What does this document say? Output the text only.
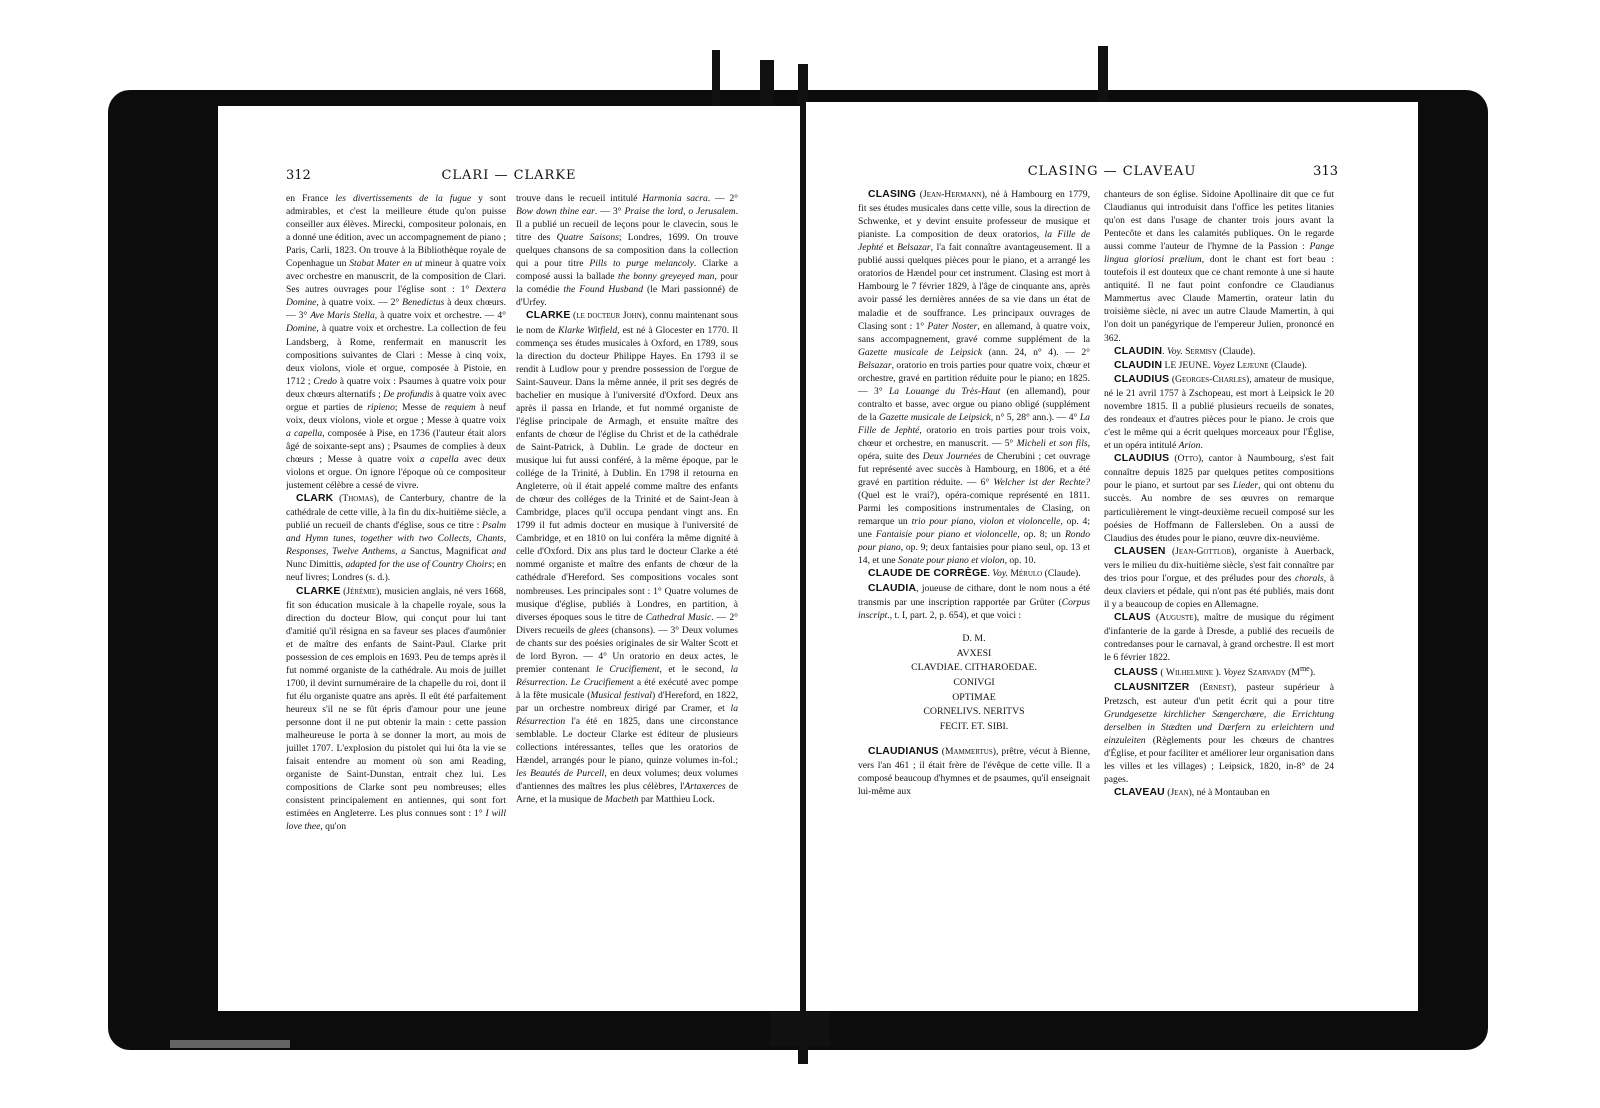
312	CLARI — CLARKE

en France les divertissements de la fugue y sont admirables, et c'est la meilleure étude qu'on puisse conseiller aux élèves. Mirecki, compositeur polonais, en a donné une édition, avec un accompagnement de piano ; Paris, Carli, 1823. On trouve à la Bibliothèque royale de Copenhague un Stabat Mater en ut mineur à quatre voix avec orchestre en manuscrit, de la composition de Clari. Ses autres ouvrages pour l'église sont : 1° Dextera Domine, à quatre voix. — 2° Benedictus à deux chœurs. — 3° Ave Maris Stella, à quatre voix et orchestre. — 4° Domine, à quatre voix et orchestre. La collection de feu Landsberg, à Rome, renfermait en manuscrit les compositions suivantes de Clari : Messe à cinq voix, deux violons, viole et orgue, composée à Pistoie, en 1712 ; Credo à quatre voix : Psaumes à quatre voix pour deux chœurs alternatifs ; De profundis à quatre voix avec orgue et parties de ripieno; Messe de requiem à neuf voix, deux violons, viole et orgue ; Messe à quatre voix a capella, composée à Pise, en 1736 (l'auteur était alors âgé de soixante-sept ans) ; Psaumes de complies à deux chœurs ; Messe à quatre voix a capella avec deux violons et orgue. On ignore l'époque où ce compositeur justement célèbre a cessé de vivre.

CLARK (Thomas), de Canterbury, chantre de la cathédrale de cette ville, à la fin du dix-huitième siècle, a publié un recueil de chants d'église, sous ce titre : Psalm and Hymn tunes, together with two Collects, Chants, Responses, Twelve Anthems, a Sanctus, Magnificat and Nunc Dimittis, adapted for the use of Country Choirs; en neuf livres; Londres (s. d.).

CLARKE (Jérémie), musicien anglais, né vers 1668, fit son éducation musicale à la chapelle royale, sous la direction du docteur Blow, qui conçut pour lui tant d'amitié qu'il résigna en sa faveur ses places d'aumônier et de maître des enfants de Saint-Paul. Clarke prit possession de ces emplois en 1693. Peu de temps après il fut nommé organiste de la cathédrale. Au mois de juillet 1700, il devint surnuméraire de la chapelle du roi, dont il fut élu organiste quatre ans après. Il eût été parfaitement heureux s'il ne se fût épris d'amour pour une jeune personne dont il ne put obtenir la main : cette passion malheureuse le porta à se donner la mort, au mois de juillet 1707. L'explosion du pistolet qui lui ôta la vie se faisait entendre au moment où son ami Reading, organiste de Saint-Dunstan, entrait chez lui. Les compositions de Clarke sont peu nombreuses; elles consistent principalement en antiennes, qui sont fort estimées en Angleterre. Les plus connues sont : 1° I will love thee, qu'on

trouve dans le recueil intitulé Harmonia sacra. — 2° Bow down thine ear. — 3° Praise the lord, o Jerusalem. Il a publié un recueil de leçons pour le clavecin, sous le titre des Quatre Saisons; Londres, 1699. On trouve quelques chansons de sa composition dans la collection qui a pour titre Pills to purge melancoly. Clarke a composé aussi la ballade the bonny greyeyed man, pour la comédie the Found Husband (le Mari passionné) de d'Urfey.

CLARKE (le docteur John), connu maintenant sous le nom de Klarke Witfield, est né à Glocester en 1770. Il commença ses études musicales à Oxford, en 1789, sous la direction du docteur Philippe Hayes. En 1793 il se rendit à Ludlow pour y prendre possession de l'orgue de Saint-Sauveur. Dans la même année, il prit ses degrés de bachelier en musique à l'université d'Oxford. Deux ans après il passa en Irlande, et fut nommé organiste de l'église principale de Armagh, et ensuite maître des enfants de chœur de l'église du Christ et de la cathédrale de Saint-Patrick, à Dublin. Le grade de docteur en musique lui fut aussi conféré, à la même époque, par le collége de la Trinité, à Dublin. En 1798 il retourna en Angleterre, où il était appelé comme maître des enfants de chœur des colléges de la Trinité et de Saint-Jean à Cambridge, places qu'il occupa pendant vingt ans. En 1799 il fut admis docteur en musique à l'université de Cambridge, et en 1810 on lui conféra la même dignité à celle d'Oxford. Dix ans plus tard le docteur Clarke a été nommé organiste et maître des enfants de chœur de la cathédrale d'Hereford. Ses compositions vocales sont nombreuses. Les principales sont : 1° Quatre volumes de musique d'église, publiés à Londres, en partition, à diverses époques sous le titre de Cathedral Music. — 2° Divers recueils de glees (chansons). — 3° Deux volumes de chants sur des poésies originales de sir Walter Scott et de lord Byron. — 4° Un oratorio en deux actes, le premier contenant le Crucifiement, et le second, la Résurrection. Le Crucifiement a été exécuté avec pompe à la fête musicale (Musical festival) d'Hereford, en 1822, par un orchestre nombreux dirigé par Cramer, et la Résurrection l'a été en 1825, dans une circonstance semblable. Le docteur Clarke est éditeur de plusieurs collections intéressantes, telles que les oratorios de Hændel, arrangés pour le piano, quinze volumes in-fol.; les Beautés de Purcell, en deux volumes; deux volumes d'antiennes des maîtres les plus célèbres, l'Artaxerces de Arne, et la musique de Macbeth par Matthieu Lock.

CLASING — CLAVEAU	313

CLASING (Jean-Hermann), né à Hambourg en 1779, fit ses études musicales dans cette ville, sous la direction de Schwenke, et y devint ensuite professeur de musique et pianiste. La composition de deux oratorios, la Fille de Jephté et Belsazar, l'a fait connaître avantageusement. Il a publié aussi quelques pièces pour le piano, et a arrangé les oratorios de Hændel pour cet instrument. Clasing est mort à Hambourg le 7 février 1829, à l'âge de cinquante ans, après avoir passé les dernières années de sa vie dans un état de maladie et de souffrance. Les principaux ouvrages de Clasing sont : 1° Pater Noster, en allemand, à quatre voix, sans accompagnement, gravé comme supplément de la Gazette musicale de Leipsick (ann. 24, n° 4). — 2° Belsazar, oratorio en trois parties pour quatre voix, chœur et orchestre, gravé en partition réduite pour le piano; en 1825. — 3° La Louange du Très-Haut (en allemand), pour contralto et basse, avec orgue ou piano obligé (supplément de la Gazette musicale de Leipsick, n° 5, 28° ann.). — 4° La Fille de Jephté, oratorio en trois parties pour trois voix, chœur et orchestre, en manuscrit. — 5° Micheli et son fils, opéra, suite des Deux Journées de Cherubini ; cet ouvrage fut représenté avec succès à Hambourg, en 1806, et a été gravé en partition réduite. — 6° Welcher ist der Rechte? (Quel est le vrai?), opéra-comique représenté en 1811. Parmi les compositions instrumentales de Clasing, on remarque un trio pour piano, violon et violoncelle, op. 4; une Fantaisie pour piano et violoncelle, op. 8; un Rondo pour piano, op. 9; deux fantaisies pour piano seul, op. 13 et 14, et une Sonate pour piano et violon, op. 10.

CLAUDE DE CORRÈGE. Voy. Mérulo (Claude).

CLAUDIA, joueuse de cithare, dont le nom nous a été transmis par une inscription rapportée par Grüter (Corpus inscript., t. I, part. 2, p. 654), et que voici :

D. M.
AVXESI
CLAVDIAE. CITHAROEDAE.
CONIVGI
OPTIMAE
CORNELIVS. NERITVS
FECIT. ET. SIBI.

CLAUDIANUS (Mammertus), prêtre, vécut à Bienne, vers l'an 461 ; il était frère de l'évêque de cette ville. Il a composé beaucoup d'hymnes et de psaumes, qu'il enseignait lui-même aux

chanteurs de son église. Sidoine Apollinaire dit que ce fut Claudianus qui introduisit dans l'office les petites litanies qu'on est dans l'usage de chanter trois jours avant la Pentecôte et dans les calamités publiques. On le regarde aussi comme l'auteur de l'hymne de la Passion : Pange lingua gloriosi prælium, dont le chant est fort beau : toutefois il est douteux que ce chant remonte à une si haute antiquité. Il ne faut point confondre ce Claudianus Mammertus avec Claude Mamertin, orateur latin du troisième siècle, ni avec un autre Claude Mamertin, à qui l'on doit un panégyrique de l'empereur Julien, prononcé en 362.

CLAUDIN. Voy. Sermisy (Claude).

CLAUDIN LE JEUNE. Voyez Lejeune (Claude).

CLAUDIUS (Georges-Charles), amateur de musique, né le 21 avril 1757 à Zschopeau, est mort à Leipsick le 20 novembre 1815. Il a publié plusieurs recueils de sonates, des rondeaux et d'autres pièces pour le piano. Je crois que c'est le même qui a écrit quelques morceaux pour l'Église, et un opéra intitulé Arion.

CLAUDIUS (Otto), cantor à Naumbourg, s'est fait connaître depuis 1825 par quelques petites compositions pour le piano, et surtout par ses Lieder, qui ont obtenu du succès. Au nombre de ses œuvres on remarque particulièrement le vingt-deuxième recueil composé sur les poésies de Hoffmann de Fallersleben. On a aussi de Claudius des études pour le piano, œuvre dix-neuvième.

CLAUSEN (Jean-Gottlob), organiste à Auerback, vers le milieu du dix-huitième siècle, s'est fait connaître par des trios pour l'orgue, et des préludes pour des chorals, à deux claviers et pédale, qui n'ont pas été publiés, mais dont il y a beaucoup de copies en Allemagne.

CLAUS (Auguste), maître de musique du régiment d'infanterie de la garde à Dresde, a publié des recueils de contredanses pour le carnaval, à grand orchestre. Il est mort le 6 février 1822.

CLAUSS ( Wilhelmine ). Voyez Szarvady $(M^{me})$.

CLAUSNITZER (Ernest), pasteur supérieur à Pretzsch, est auteur d'un petit écrit qui a pour titre Grundgesetze kirchlicher Sængerchœre, die Errichtung derselben in Stædten und Dærfern zu erleichtern und einzuleiten (Règlements pour les chœurs de chantres d'Église, et pour faciliter et améliorer leur organisation dans les villes et les villages) ; Leipsick, 1820, in-8° de 24 pages.

CLAVEAU (Jean), né à Montauban en
